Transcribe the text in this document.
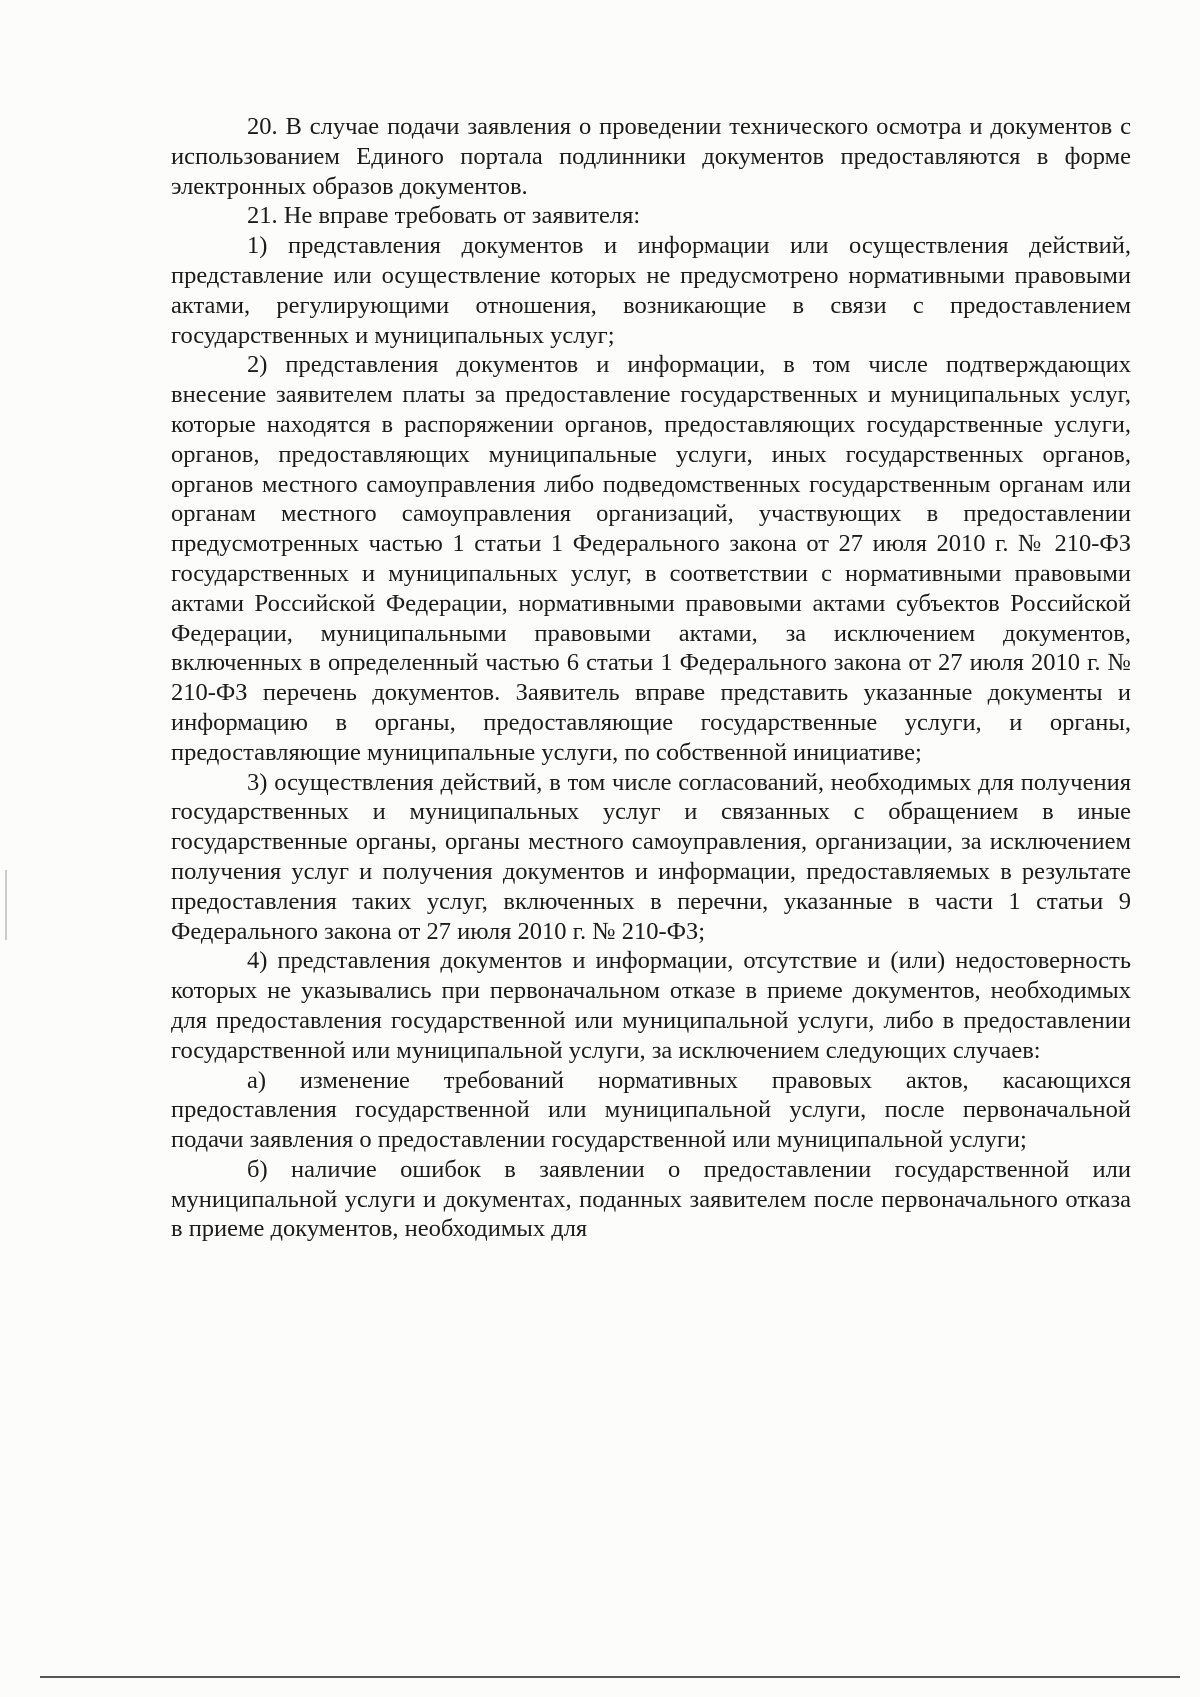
20. В случае подачи заявления о проведении технического осмотра и документов с использованием Единого портала подлинники документов предоставляются в форме электронных образов документов.

21. Не вправе требовать от заявителя:

1) представления документов и информации или осуществления действий, представление или осуществление которых не предусмотрено нормативными правовыми актами, регулирующими отношения, возникающие в связи с предоставлением государственных и муниципальных услуг;

2) представления документов и информации, в том числе подтверждающих внесение заявителем платы за предоставление государственных и муниципальных услуг, которые находятся в распоряжении органов, предоставляющих государственные услуги, органов, предоставляющих муниципальные услуги, иных государственных органов, органов местного самоуправления либо подведомственных государственным органам или органам местного самоуправления организаций, участвующих в предоставлении предусмотренных частью 1 статьи 1 Федерального закона от 27 июля 2010 г. № 210-ФЗ государственных и муниципальных услуг, в соответствии с нормативными правовыми актами Российской Федерации, нормативными правовыми актами субъектов Российской Федерации, муниципальными правовыми актами, за исключением документов, включенных в определенный частью 6 статьи 1 Федерального закона от 27 июля 2010 г. № 210-ФЗ перечень документов. Заявитель вправе представить указанные документы и информацию в органы, предоставляющие государственные услуги, и органы, предоставляющие муниципальные услуги, по собственной инициативе;

3) осуществления действий, в том числе согласований, необходимых для получения государственных и муниципальных услуг и связанных с обращением в иные государственные органы, органы местного самоуправления, организации, за исключением получения услуг и получения документов и информации, предоставляемых в результате предоставления таких услуг, включенных в перечни, указанные в части 1 статьи 9 Федерального закона от 27 июля 2010 г. № 210-ФЗ;

4) представления документов и информации, отсутствие и (или) недостоверность которых не указывались при первоначальном отказе в приеме документов, необходимых для предоставления государственной или муниципальной услуги, либо в предоставлении государственной или муниципальной услуги, за исключением следующих случаев:

а) изменение требований нормативных правовых актов, касающихся предоставления государственной или муниципальной услуги, после первоначальной подачи заявления о предоставлении государственной или муниципальной услуги;

б) наличие ошибок в заявлении о предоставлении государственной или муниципальной услуги и документах, поданных заявителем после первоначального отказа в приеме документов, необходимых для
